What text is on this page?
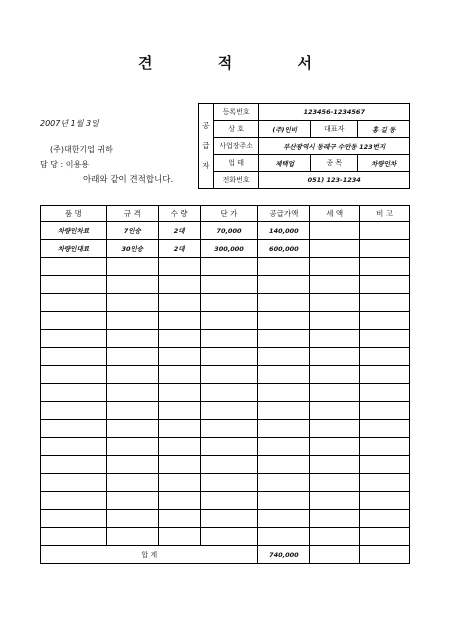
견 적 서
2007년 1월 3일
(주)대한기업 귀하
담 당 : 이용용
아래와 같이 견적합니다.
공
급
자	등록번호	123456-1234567		
	상 호	(주)인비	대표자	홍 길 동
	사업장주소	부산광역시 동래구 수안동 123번지		
	업 태	제택업	종 목	차량인차
	전화번호	051) 123-1234		
품 명	규 격	수 량	단 가	공급가액	세 액	비 고
차량인차료	7인승	2대	70,000	140,000		
차량인대료	30인승	2대	300,000	600,000		

합 계				740,000		
